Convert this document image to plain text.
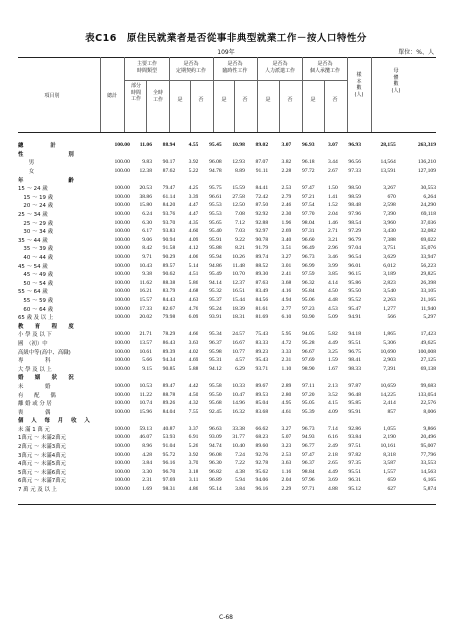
表C16　原住民就業者是否從事非典型就業工作－按人口特性分
109年	單位：%、人
項目別	總計
主要工作
時間類型
部分
時間
工作
全時
工作
是否為
定期契約工作
是否為
臨時性工作
是否為
人力派遣工作
是否為
個人承攬工作
是	否	是	否	是	否	是	否
樣
本
數
(人)
母
體
數
(人)
總　　　　　計	100.00	11.06	88.94	4.55	95.45	10.98	89.02	3.07	96.93	3.07	96.93	28,155	263,319
性　　　　　別													
　　男	100.00	9.83	90.17	3.92	96.08	12.93	87.07	3.82	96.18	3.44	96.56	14,564	136,210
　　女	100.00	12.38	87.62	5.22	94.78	8.89	91.11	2.28	97.72	2.67	97.33	13,591	127,109
年　　　　　齡													
15 ～ 24 歲	100.00	20.53	79.47	4.25	95.75	15.59	84.41	2.53	97.47	1.50	98.50	3,267	30,553
　15 ～ 19 歲	100.00	38.86	61.14	3.39	96.61	27.58	72.42	2.79	97.21	1.41	98.59	670	6,264
　20 ～ 24 歲	100.00	15.80	84.20	4.47	95.53	12.50	87.50	2.46	97.54	1.52	98.48	2,598	24,290
25 ～ 34 歲	100.00	6.24	93.76	4.47	95.53	7.08	92.92	2.30	97.70	2.04	97.96	7,390	69,118
　25 ～ 29 歲	100.00	6.30	93.70	4.35	95.65	7.12	92.88	1.96	98.04	1.46	98.54	3,960	37,036
　30 ～ 34 歲	100.00	6.17	93.83	4.60	95.40	7.03	92.97	2.69	97.31	2.71	97.29	3,430	32,082
35 ～ 44 歲	100.00	9.06	90.94	4.09	95.91	9.22	90.78	3.40	96.60	3.21	96.79	7,388	69,022
　35 ～ 39 歲	100.00	8.42	91.58	4.12	95.88	8.21	91.79	3.51	96.49	2.96	97.04	3,751	35,076
　40 ～ 44 歲	100.00	9.71	90.29	4.06	95.94	10.26	89.74	3.27	96.73	3.46	96.54	3,629	33,947
45 ～ 54 歲	100.00	10.43	89.57	5.14	94.86	11.48	88.52	3.01	96.99	3.99	96.01	6,012	56,223
　45 ～ 49 歲	100.00	9.38	90.62	4.51	95.49	10.70	89.30	2.41	97.59	3.85	96.15	3,189	29,825
　50 ～ 54 歲	100.00	11.62	88.38	5.86	94.14	12.37	87.63	3.68	96.32	4.14	95.86	2,823	26,398
55 ～ 64 歲	100.00	16.21	83.79	4.68	95.32	16.51	83.49	4.16	95.84	4.50	95.50	3,540	33,105
　55 ～ 59 歲	100.00	15.57	84.43	4.63	95.37	15.44	84.56	4.94	95.06	4.48	95.52	2,263	21,165
　60 ～ 64 歲	100.00	17.33	82.67	4.76	95.24	18.39	81.61	2.77	97.23	4.53	95.47	1,277	11,940
65 歲 及 以 上	100.00	20.02	79.98	6.09	93.91	18.31	81.69	6.10	93.90	5.09	94.91	566	5,297
教　育　程　度													
小 學 及 以 下	100.00	21.71	78.29	4.66	95.34	24.57	75.43	5.95	94.05	5.82	94.18	1,865	17,423
國　（初）中	100.00	13.57	86.43	3.63	96.37	16.67	83.33	4.72	95.28	4.49	95.51	5,306	49,625
高級中等(高中、高職)	100.00	10.61	89.39	4.02	95.98	10.77	89.23	3.33	96.67	3.25	96.75	10,690	100,008
專　　　　科	100.00	5.66	94.34	4.69	95.31	4.57	95.43	2.31	97.69	1.59	98.41	2,903	27,125
大 學 及 以 上	100.00	9.15	90.85	5.88	94.12	6.29	93.71	1.10	98.90	1.67	98.33	7,391	69,138
婚　姻　狀　況													
未　　　　婚	100.00	10.53	89.47	4.42	95.58	10.33	89.67	2.89	97.11	2.13	97.87	10,659	99,683
有　　配　　偶	100.00	11.22	88.78	4.50	95.50	10.47	89.53	2.80	97.20	3.52	96.48	14,225	133,054
離 婚 或 分 居	100.00	10.74	89.26	4.32	95.68	14.96	85.04	4.95	95.05	4.15	95.85	2,414	22,576
喪　　　　偶	100.00	15.96	84.04	7.55	92.45	16.32	83.68	4.61	95.39	4.09	95.91	857	8,006
個 人 每 月 收 入													
未 滿 1 萬 元	100.00	59.13	40.87	3.37	96.63	33.38	66.62	3.27	96.73	7.14	92.86	1,055	9,866
1萬元 ～ 未滿2萬元	100.00	46.07	53.93	6.91	93.09	31.77	68.23	5.07	94.93	6.16	93.84	2,190	20,496
2萬元 ～ 未滿3萬元	100.00	8.96	91.04	5.26	94.74	10.40	89.60	3.23	96.77	2.49	97.51	10,161	95,007
3萬元 ～ 未滿4萬元	100.00	4.28	95.72	3.92	96.08	7.24	92.76	2.53	97.47	2.18	97.82	8,318	77,796
4萬元 ～ 未滿5萬元	100.00	3.84	96.16	3.70	96.30	7.22	92.78	3.63	96.37	2.65	97.35	3,587	33,553
5萬元 ～ 未滿6萬元	100.00	3.30	96.70	3.18	96.82	4.38	95.62	1.16	98.84	4.49	95.51	1,557	14,563
6萬元 ～ 未滿7萬元	100.00	2.31	97.69	3.11	96.89	5.94	94.06	2.04	97.96	3.69	96.31	659	6,165
7 萬 元 及 以 上	100.00	1.69	98.31	4.86	95.14	3.84	96.16	2.29	97.71	4.88	95.12	627	5,874
C-68
